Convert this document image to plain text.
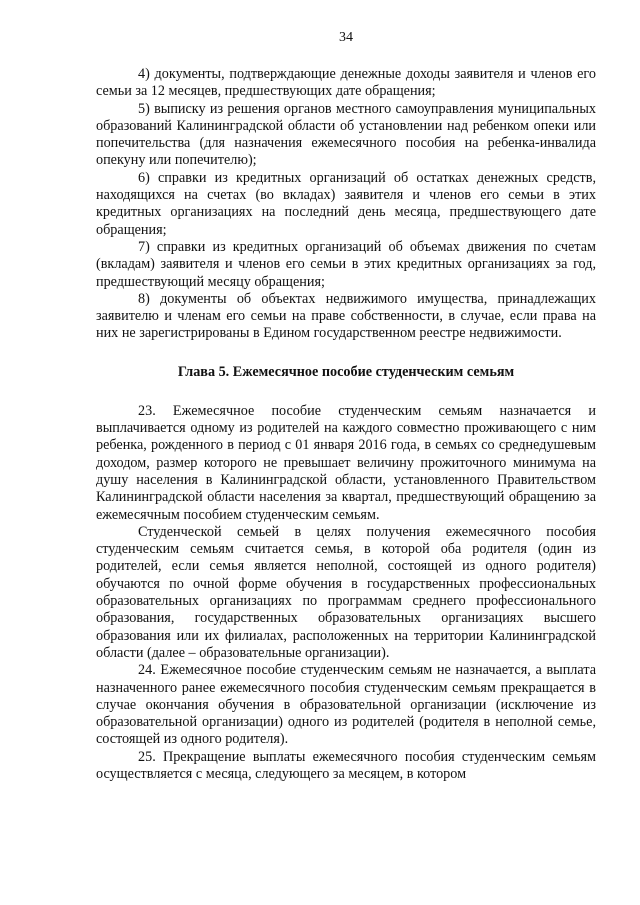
34

4) документы, подтверждающие денежные доходы заявителя и членов его семьи за 12 месяцев, предшествующих дате обращения;

5) выписку из решения органов местного самоуправления муниципальных образований Калининградской области об установлении над ребенком опеки или попечительства (для назначения ежемесячного пособия на ребенка-инвалида опекуну или попечителю);

6) справки из кредитных организаций об остатках денежных средств, находящихся на счетах (во вкладах) заявителя и членов его семьи в этих кредитных организациях на последний день месяца, предшествующего дате обращения;

7) справки из кредитных организаций об объемах движения по счетам (вкладам) заявителя и членов его семьи в этих кредитных организациях за год, предшествующий месяцу обращения;

8) документы об объектах недвижимого имущества, принадлежащих заявителю и членам его семьи на праве собственности, в случае, если права на них не зарегистрированы в Едином государственном реестре недвижимости.

Глава 5. Ежемесячное пособие студенческим семьям

23. Ежемесячное пособие студенческим семьям назначается и выплачивается одному из родителей на каждого совместно проживающего с ним ребенка, рожденного в период с 01 января 2016 года, в семьях со среднедушевым доходом, размер которого не превышает величину прожиточного минимума на душу населения в Калининградской области, установленного Правительством Калининградской области населения за квартал, предшествующий обращению за ежемесячным пособием студенческим семьям.

Студенческой семьей в целях получения ежемесячного пособия студенческим семьям считается семья, в которой оба родителя (один из родителей, если семья является неполной, состоящей из одного родителя) обучаются по очной форме обучения в государственных профессиональных образовательных организациях по программам среднего профессионального образования, государственных образовательных организациях высшего образования или их филиалах, расположенных на территории Калининградской области (далее – образовательные организации).

24. Ежемесячное пособие студенческим семьям не назначается, а выплата назначенного ранее ежемесячного пособия студенческим семьям прекращается в случае окончания обучения в образовательной организации (исключение из образовательной организации) одного из родителей (родителя в неполной семье, состоящей из одного родителя).

25. Прекращение выплаты ежемесячного пособия студенческим семьям осуществляется с месяца, следующего за месяцем, в котором
